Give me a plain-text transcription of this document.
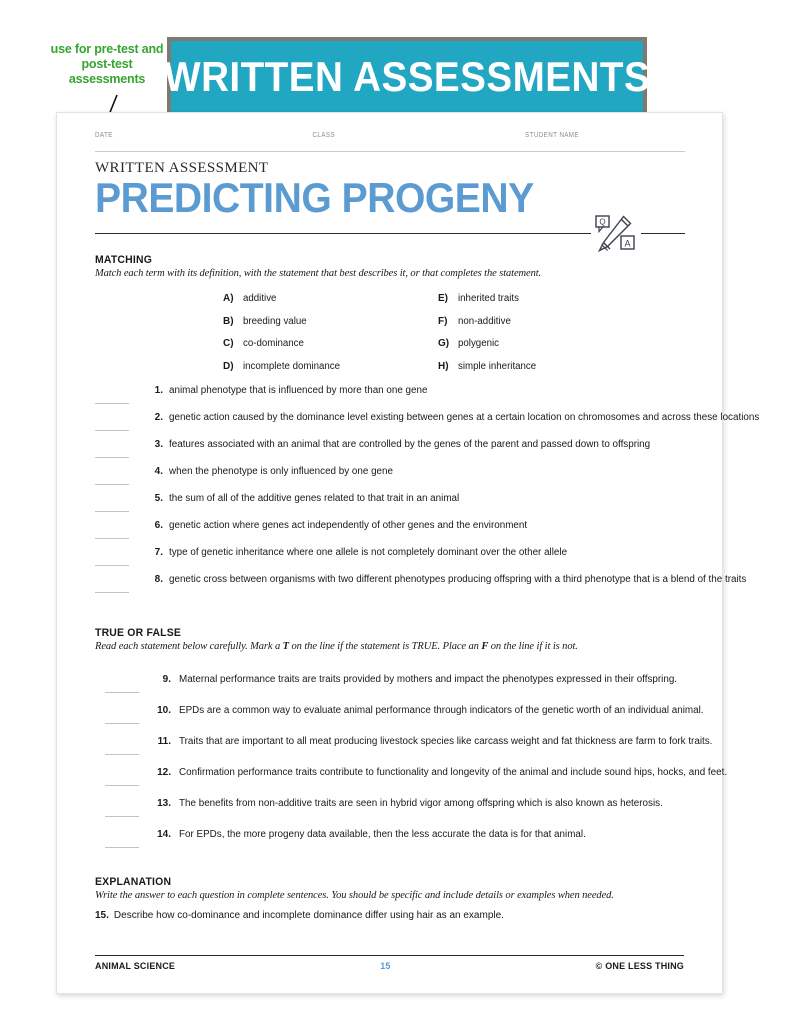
use for pre-test and post-test assessments WRITTEN ASSESSMENTS
DATE	CLASS	STUDENT NAME
WRITTEN ASSESSMENT
PREDICTING PROGENY
Q
A
MATCHING
Match each term with its definition, with the statement that best describes it, or that completes the statement.
A) additive	E)	inherited traits
B) breeding value	F)	non-additive
C) co-dominance	G) polygenic
D) incomplete dominance	H) simple inheritance
1. animal phenotype that is influenced by more than one gene
2. genetic action caused by the dominance level existing between genes at a certain location on chromosomes and across these locations
3. features associated with an animal that are controlled by the genes of the parent and passed down to offspring
4. when the phenotype is only influenced by one gene
5. the sum of all of the additive genes related to that trait in an animal
6. genetic action where genes act independently of other genes and the environment
7. type of genetic inheritance where one allele is not completely dominant over the other allele
8. genetic cross between organisms with two different phenotypes producing offspring with a third phenotype that is a blend of the traits
TRUE OR FALSE
Read each statement below carefully. Mark a T on the line if the statement is TRUE. Place an F on the line if it is not.
9. Maternal performance traits are traits provided by mothers and impact the phenotypes expressed in their offspring.
10. EPDs are a common way to evaluate animal performance through indicators of the genetic worth of an individual animal.
11. Traits that are important to all meat producing livestock species like carcass weight and fat thickness are farm to fork traits.
12. Confirmation performance traits contribute to functionality and longevity of the animal and include sound hips, hocks, and feet.
13. The benefits from non-additive traits are seen in hybrid vigor among offspring which is also known as heterosis.
14. For EPDs, the more progeny data available, then the less accurate the data is for that animal.
EXPLANATION
Write the answer to each question in complete sentences. You should be specific and include details or examples when needed.
15. Describe how co-dominance and incomplete dominance differ using hair as an example.
ANIMAL SCIENCE	15	© ONE LESS THING
